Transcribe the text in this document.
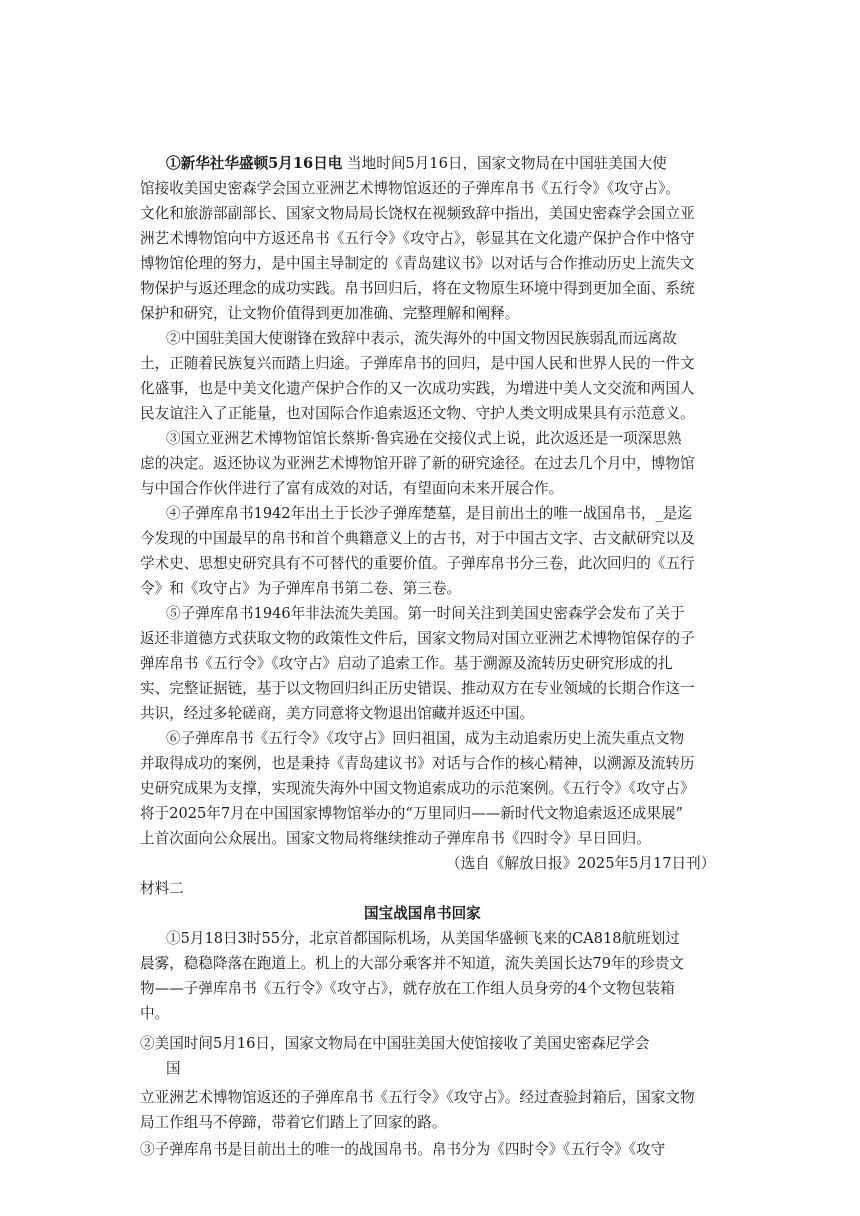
①新华社华盛顿5月16日电 当地时间5月16日，国家文物局在中国驻美国大使
馆接收美国史密森学会国立亚洲艺术博物馆返还的子弹库帛书《五行令》《攻守占》。
文化和旅游部副部长、国家文物局局长饶权在视频致辞中指出，美国史密森学会国立亚
洲艺术博物馆向中方返还帛书《五行令》《攻守占》，彰显其在文化遗产保护合作中恪守
博物馆伦理的努力，是中国主导制定的《青岛建议书》以对话与合作推动历史上流失文
物保护与返还理念的成功实践。帛书回归后，将在文物原生环境中得到更加全面、系统
保护和研究，让文物价值得到更加准确、完整理解和阐释。
②中国驻美国大使谢锋在致辞中表示，流失海外的中国文物因民族弱乱而远离故
土，正随着民族复兴而踏上归途。子弹库帛书的回归，是中国人民和世界人民的一件文
化盛事，也是中美文化遗产保护合作的又一次成功实践，为增进中美人文交流和两国人
民友谊注入了正能量，也对国际合作追索返还文物、守护人类文明成果具有示范意义。
③国立亚洲艺术博物馆馆长蔡斯·鲁宾逊在交接仪式上说，此次返还是一项深思熟
虑的决定。返还协议为亚洲艺术博物馆开辟了新的研究途径。在过去几个月中，博物馆
与中国合作伙伴进行了富有成效的对话，有望面向未来开展合作。
④子弹库帛书1942年出土于长沙子弹库楚墓，是目前出土的唯一战国帛书，_是迄
今发现的中国最早的帛书和首个典籍意义上的古书，对于中国古文字、古文献研究以及
学术史、思想史研究具有不可替代的重要价值。子弹库帛书分三卷，此次回归的《五行
令》和《攻守占》为子弹库帛书第二卷、第三卷。
⑤子弹库帛书1946年非法流失美国。第一时间关注到美国史密森学会发布了关于
返还非道德方式获取文物的政策性文件后，国家文物局对国立亚洲艺术博物馆保存的子
弹库帛书《五行令》《攻守占》启动了追索工作。基于溯源及流转历史研究形成的扎
实、完整证据链，基于以文物回归纠正历史错误、推动双方在专业领域的长期合作这一
共识，经过多轮磋商，美方同意将文物退出馆藏并返还中国。
⑥子弹库帛书《五行令》《攻守占》回归祖国，成为主动追索历史上流失重点文物
并取得成功的案例，也是秉持《青岛建议书》对话与合作的核心精神，以溯源及流转历
史研究成果为支撑，实现流失海外中国文物追索成功的示范案例。《五行令》《攻守占》
将于2025年7月在中国国家博物馆举办的“万里同归——新时代文物追索返还成果展”
上首次面向公众展出。国家文物局将继续推动子弹库帛书《四时令》早日回归。
（选自《解放日报》2025年5月17日刊）
材料二
国宝战国帛书回家
①5月18日3时55分，北京首都国际机场，从美国华盛顿飞来的CA818航班划过
晨雾，稳稳降落在跑道上。机上的大部分乘客并不知道，流失美国长达79年的珍贵文
物——子弹库帛书《五行令》《攻守占》，就存放在工作组人员身旁的4个文物包装箱
中。
②美国时间5月16日，国家文物局在中国驻美国大使馆接收了美国史密森尼学会
国
立亚洲艺术博物馆返还的子弹库帛书《五行令》《攻守占》。经过查验封箱后，国家文物
局工作组马不停蹄，带着它们踏上了回家的路。
③子弹库帛书是目前出土的唯一的战国帛书。帛书分为《四时令》《五行令》《攻守
